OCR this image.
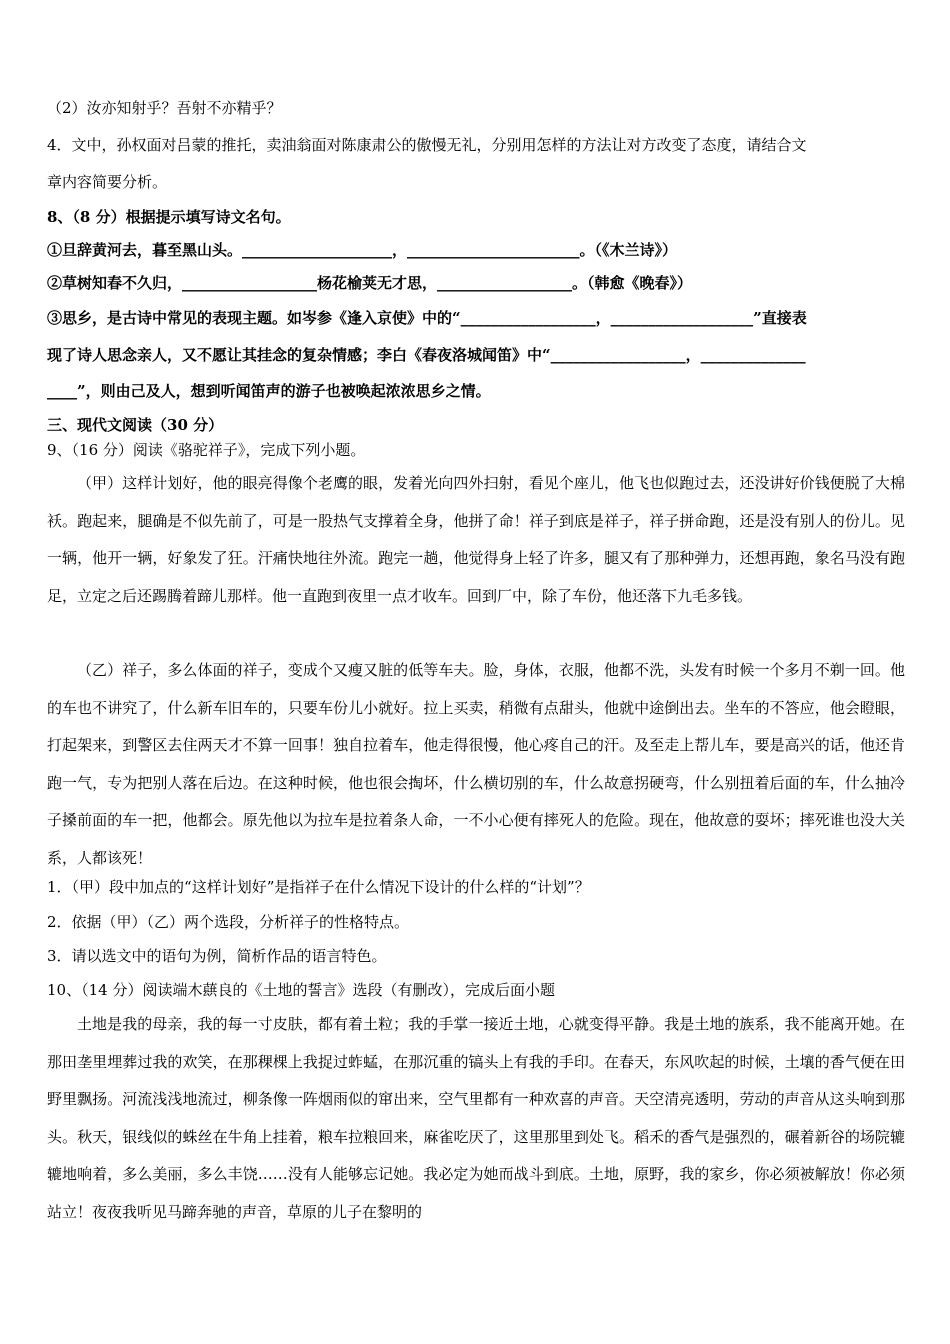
（2）汝亦知射乎？吾射不亦精乎？
4．文中，孙权面对吕蒙的推托，卖油翁面对陈康肃公的傲慢无礼，分别用怎样的方法让对方改变了态度，请结合文
章内容简要分析。
8、（8 分）根据提示填写诗文名句。
①旦辞黄河去，暮至黑山头。____________________，_______________________。（《木兰诗》）
②草树知春不久归，__________________杨花榆荚无才思，__________________。（韩愈《晚春》）
③思乡，是古诗中常见的表现主题。如岑参《逢入京使》中的“__________________，___________________”直接表
现了诗人思念亲人，又不愿让其挂念的复杂情感；李白《春夜洛城闻笛》中“__________________，______________
____”，则由己及人，想到听闻笛声的游子也被唤起浓浓思乡之情。
三、现代文阅读（30 分）
9、（16 分）阅读《骆驼祥子》，完成下列小题。

（甲）这样计划好，他的眼亮得像个老鹰的眼，发着光向四外扫射，看见个座儿，他飞也似跑过去，还没讲好价钱便脱了大棉袄。跑起来，腿确是不似先前了，可是一股热气支撑着全身，他拼了命！祥子到底是祥子，祥子拼命跑，还是没有别人的份儿。见一辆，他开一辆，好象发了狂。汗痛快地往外流。跑完一趟，他觉得身上轻了许多，腿又有了那种弹力，还想再跑，象名马没有跑足，立定之后还踢腾着蹄儿那样。他一直跑到夜里一点才收车。回到厂中，除了车份，他还落下九毛多钱。

（乙）祥子，多么体面的祥子，变成个又瘦又脏的低等车夫。脸，身体，衣服，他都不洗，头发有时候一个多月不剃一回。他的车也不讲究了，什么新车旧车的，只要车份儿小就好。拉上买卖，稍微有点甜头，他就中途倒出去。坐车的不答应，他会瞪眼，打起架来，到警区去住两天才不算一回事！独自拉着车，他走得很慢，他心疼自己的汗。及至走上帮儿车，要是高兴的话，他还肯跑一气，专为把别人落在后边。在这种时候，他也很会掏坏，什么横切别的车，什么故意拐硬弯，什么别扭着后面的车，什么抽冷子搡前面的车一把，他都会。原先他以为拉车是拉着条人命，一不小心便有摔死人的危险。现在，他故意的耍坏；摔死谁也没大关系，人都该死！

1．（甲）段中加点的“这样计划好”是指祥子在什么情况下设计的什么样的“计划”？
2．依据（甲）（乙）两个选段，分析祥子的性格特点。
3．请以选文中的语句为例，简析作品的语言特色。
10、（14 分）阅读端木蕻良的《土地的誓言》选段（有删改），完成后面小题

土地是我的母亲，我的每一寸皮肤，都有着土粒；我的手掌一接近土地，心就变得平静。我是土地的族系，我不能离开她。在那田垄里埋葬过我的欢笑，在那稞棵上我捉过蚱蜢，在那沉重的镐头上有我的手印。在春天，东风吹起的时候，土壤的香气便在田野里飘扬。河流浅浅地流过，柳条像一阵烟雨似的窜出来，空气里都有一种欢喜的声音。天空清亮透明，劳动的声音从这头响到那头。秋天，银线似的蛛丝在牛角上挂着，粮车拉粮回来，麻雀吃厌了，这里那里到处飞。稻禾的香气是强烈的，碾着新谷的场院辘辘地响着，多么美丽，多么丰饶……没有人能够忘记她。我必定为她而战斗到底。土地，原野，我的家乡，你必须被解放！你必须站立！夜夜我听见马蹄奔驰的声音，草原的儿子在黎明的
